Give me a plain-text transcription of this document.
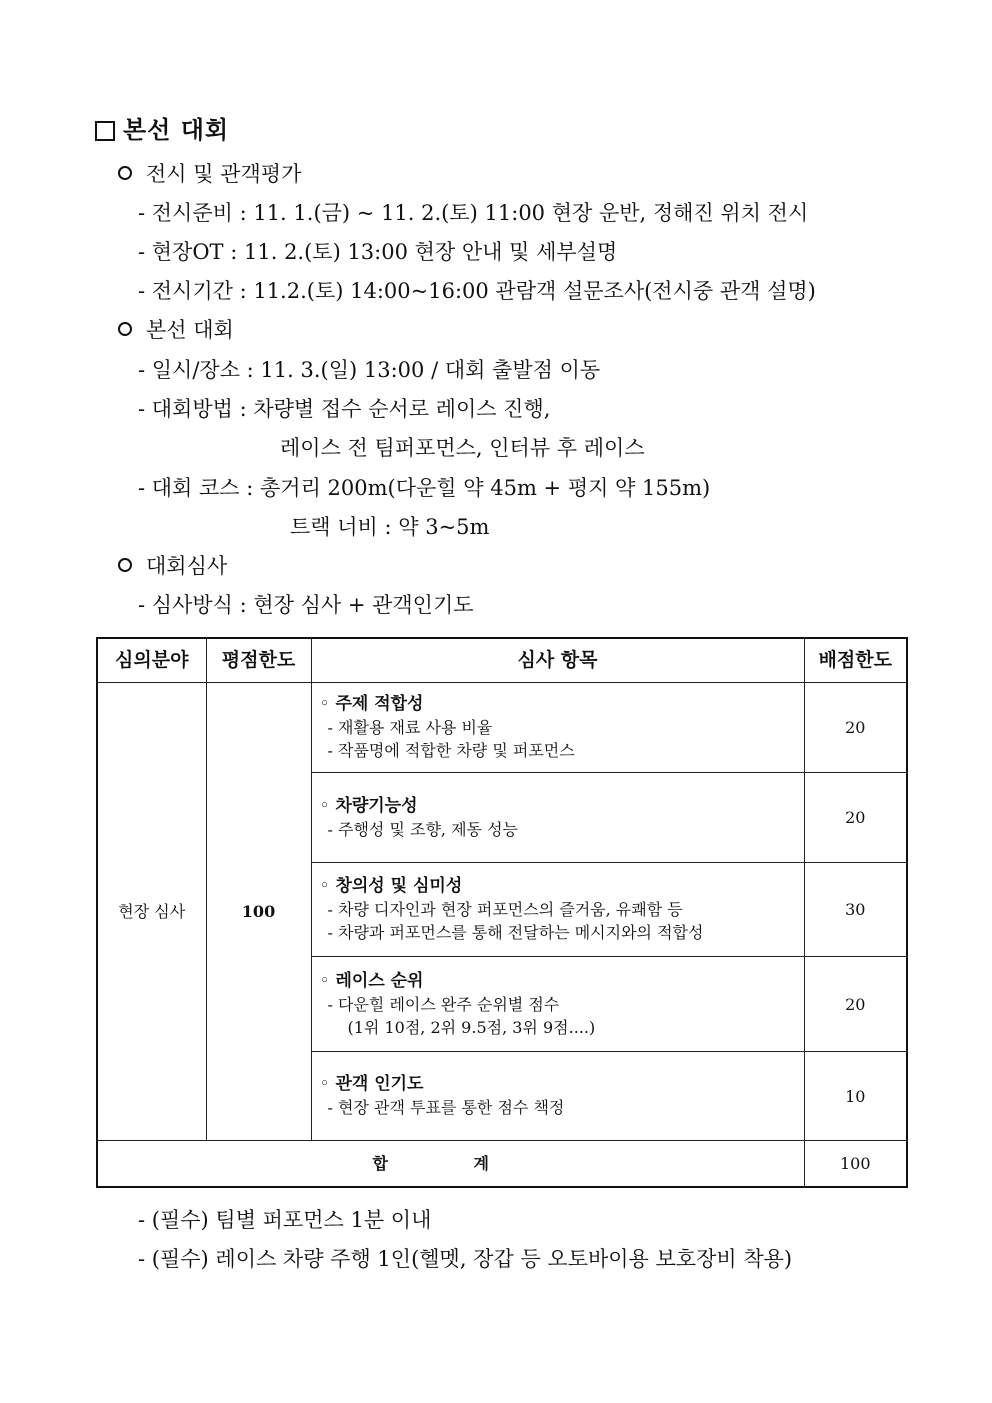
본선 대회
전시 및 관객평가
- 전시준비 : 11. 1.(금) ~ 11. 2.(토) 11:00 현장 운반, 정해진 위치 전시
- 현장OT : 11. 2.(토) 13:00 현장 안내 및 세부설명
- 전시기간 : 11.2.(토) 14:00~16:00 관람객 설문조사(전시중 관객 설명)
본선 대회
- 일시/장소 : 11. 3.(일) 13:00 / 대회 출발점 이동
- 대회방법 : 차량별 접수 순서로 레이스 진행,
레이스 전 팀퍼포먼스, 인터뷰 후 레이스
- 대회 코스 : 총거리 200m(다운힐 약 45m + 평지 약 155m)
트랙 너비 : 약 3~5m
대회심사
- 심사방식 : 현장 심사 + 관객인기도
심의분야	평점한도	심사 항목	배점한도
현장 심사	100	◦ 주제 적합성
- 재활용 재료 사용 비율
- 작품명에 적합한 차량 및 퍼포먼스	20

		◦ 차량기능성
- 주행성 및 조향, 제동 성능	20

		◦ 창의성 및 심미성
- 차량 디자인과 현장 퍼포먼스의 즐거움, 유쾌함 등
- 차량과 퍼포먼스를 통해 전달하는 메시지와의 적합성	30

		◦ 레이스 순위
- 다운힐 레이스 완주 순위별 점수
(1위 10점, 2위 9.5점, 3위 9점....)	20

		◦ 관객 인기도
- 현장 관객 투표를 통한 점수 책정	10
합 계			100
- (필수) 팀별 퍼포먼스 1분 이내
- (필수) 레이스 차량 주행 1인(헬멧, 장갑 등 오토바이용 보호장비 착용)
